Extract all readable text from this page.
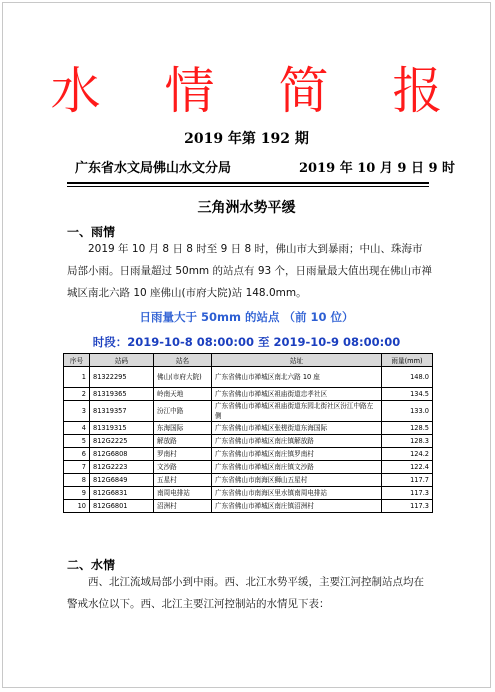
水 情 简 报
2019 年第 192 期
广东省水文局佛山水文分局	2019 年 10 月 9 日 9 时
三角洲水势平缓
一、雨情
2019 年 10 月 8 日 8 时至 9 日 8 时，佛山市大到暴雨；中山、珠海市局部小雨。日雨量超过 50mm 的站点有 93 个，日雨量最大值出现在佛山市禅城区南北六路 10 座佛山(市府大院)站 148.0mm。
日雨量大于 50mm 的站点 （前 10 位）
时段：2019-10-8 08:00:00 至 2019-10-9 08:00:00
序号	站码	站名	站址	雨量(mm)
1	81322295	佛山(市府大院)	广东省佛山市禅城区南北六路 10 座	148.0
2	81319365	岭南天地	广东省佛山市禅城区祖庙街道忠孝社区	134.5
3	81319357	汾江中路	广东省佛山市禅城区祖庙街道东园北街社区汾江中路左侧	133.0
4	81319315	东海国际	广东省佛山市禅城区张槎街道东海国际	128.5
5	812G2225	解放路	广东省佛山市禅城区南庄镇解放路	128.3
6	812G6808	罗南村	广东省佛山市禅城区南庄镇罗南村	124.2
7	812G2223	文沙路	广东省佛山市禅城区南庄镇文沙路	122.4
8	812G6849	五星村	广东省佛山市南海区狮山五星村	117.7
9	812G6831	南周电排站	广东省佛山市南海区里水镇南周电排站	117.3
10	812G6801	沼洲村	广东省佛山市禅城区南庄镇沼洲村	117.3
二、水情
西、北江流域局部小到中雨。西、北江水势平缓，主要江河控制站点均在警戒水位以下。西、北江主要江河控制站的水情见下表：
